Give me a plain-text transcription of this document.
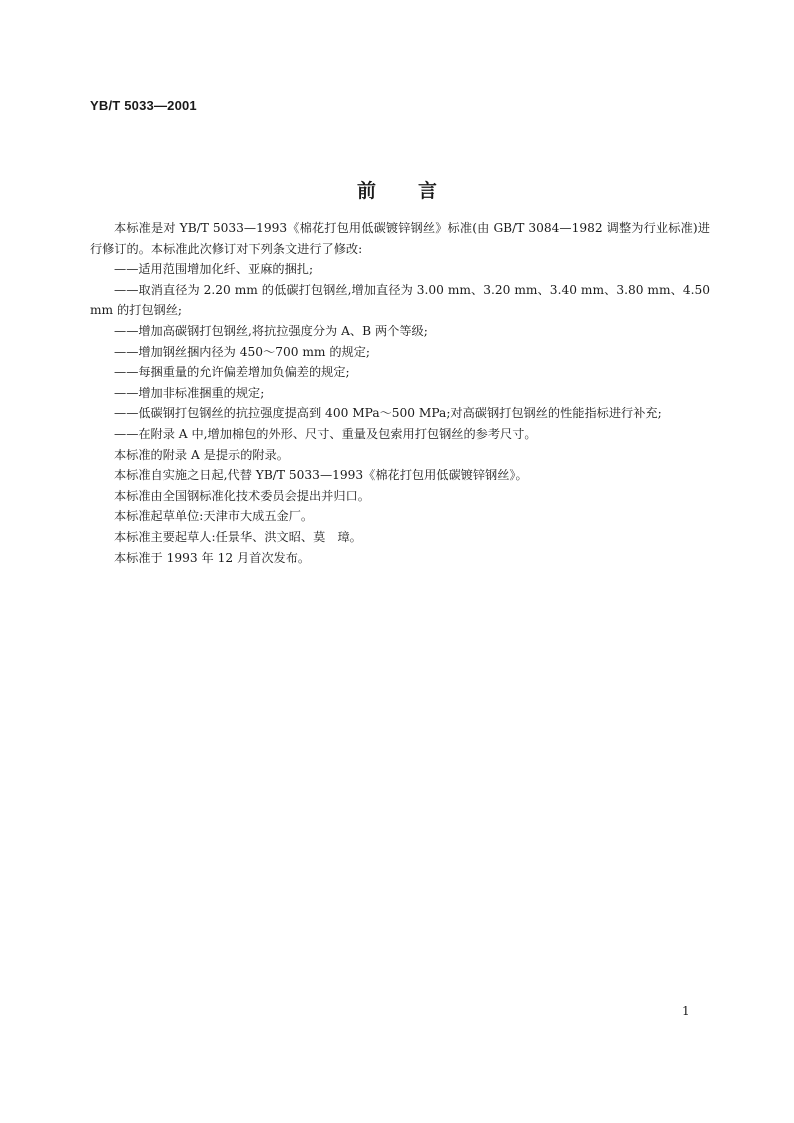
YB/T 5033—2001
前言

本标准是对 YB/T 5033—1993《棉花打包用低碳镀锌钢丝》标准(由 GB/T 3084—1982 调整为行业标准)进行修订的。本标准此次修订对下列条文进行了修改:

——适用范围增加化纤、亚麻的捆扎;

——取消直径为 2.20 mm 的低碳打包钢丝,增加直径为 3.00 mm、3.20 mm、3.40 mm、3.80 mm、4.50 mm 的打包钢丝;

——增加高碳钢打包钢丝,将抗拉强度分为 A、B 两个等级;

——增加钢丝捆内径为 450～700 mm 的规定;

——每捆重量的允许偏差增加负偏差的规定;

——增加非标准捆重的规定;

——低碳钢打包钢丝的抗拉强度提高到 400 MPa～500 MPa;对高碳钢打包钢丝的性能指标进行补充;

——在附录 A 中,增加棉包的外形、尺寸、重量及包索用打包钢丝的参考尺寸。

本标准的附录 A 是提示的附录。

本标准自实施之日起,代替 YB/T 5033—1993《棉花打包用低碳镀锌钢丝》。

本标准由全国钢标准化技术委员会提出并归口。

本标准起草单位:天津市大成五金厂。

本标准主要起草人:任景华、洪文昭、莫　璋。

本标准于 1993 年 12 月首次发布。

1
